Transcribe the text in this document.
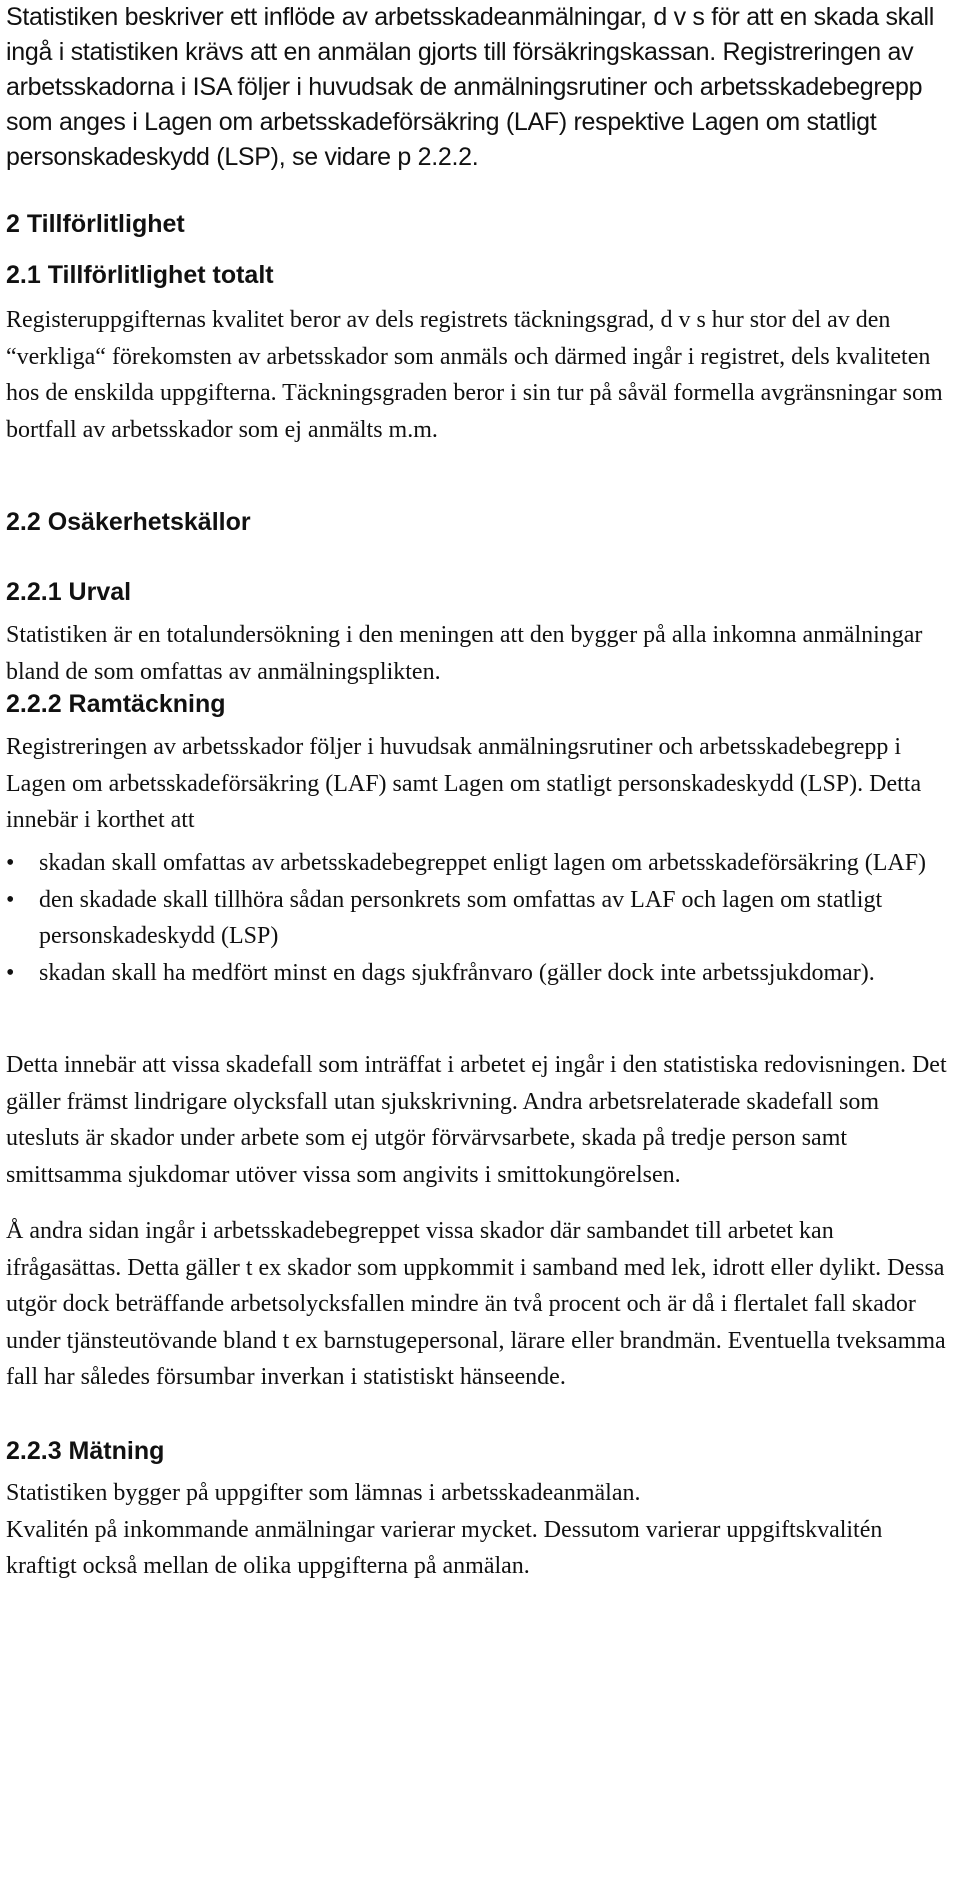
Statistiken beskriver ett inflöde av arbetsskadeanmälningar, d v s för att en skada skall ingå i statistiken krävs att en anmälan gjorts till försäkringskassan. Registreringen av arbetsskadorna i ISA följer i huvudsak de anmälningsrutiner och arbetsskadebegrepp som anges i Lagen om arbetsskadeförsäkring (LAF) respektive Lagen om statligt personskadeskydd (LSP), se vidare p 2.2.2.

2 Tillförlitlighet
2.1 Tillförlitlighet totalt

Registeruppgifternas kvalitet beror av dels registrets täckningsgrad, d v s hur stor del av den “verkliga“ förekomsten av arbetsskador som anmäls och därmed ingår i registret, dels kvaliteten hos de enskilda uppgifterna. Täckningsgraden beror i sin tur på såväl formella avgränsningar som bortfall av arbetsskador som ej anmälts m.m.

2.2 Osäkerhetskällor
2.2.1 Urval

Statistiken är en totalundersökning i den meningen att den bygger på alla inkomna anmälningar bland de som omfattas av anmälningsplikten.

2.2.2 Ramtäckning

Registreringen av arbetsskador följer i huvudsak anmälningsrutiner och arbetsskadebegrepp i Lagen om arbetsskadeförsäkring (LAF) samt Lagen om statligt personskadeskydd (LSP). Detta innebär i korthet att

• skadan skall omfattas av arbetsskadebegreppet enligt lagen om arbetsskadeförsäkring (LAF)
• den skadade skall tillhöra sådan personkrets som omfattas av LAF och lagen om statligt personskadeskydd (LSP)
• skadan skall ha medfört minst en dags sjukfrånvaro (gäller dock inte arbetssjukdomar).

Detta innebär att vissa skadefall som inträffat i arbetet ej ingår i den statistiska redovisningen. Det gäller främst lindrigare olycksfall utan sjukskrivning. Andra arbetsrelaterade skadefall som utesluts är skador under arbete som ej utgör förvärvsarbete, skada på tredje person samt smittsamma sjukdomar utöver vissa som angivits i smittokungörelsen.

Å andra sidan ingår i arbetsskadebegreppet vissa skador där sambandet till arbetet kan ifrågasättas. Detta gäller t ex skador som uppkommit i samband med lek, idrott eller dylikt. Dessa utgör dock beträffande arbetsolycksfallen mindre än två procent och är då i flertalet fall skador under tjänsteutövande bland t ex barnstugepersonal, lärare eller brandmän. Eventuella tveksamma fall har således försumbar inverkan i statistiskt hänseende.

2.2.3 Mätning

Statistiken bygger på uppgifter som lämnas i arbetsskadeanmälan.
Kvalitén på inkommande anmälningar varierar mycket. Dessutom varierar uppgiftskvalitén kraftigt också mellan de olika uppgifterna på anmälan.
